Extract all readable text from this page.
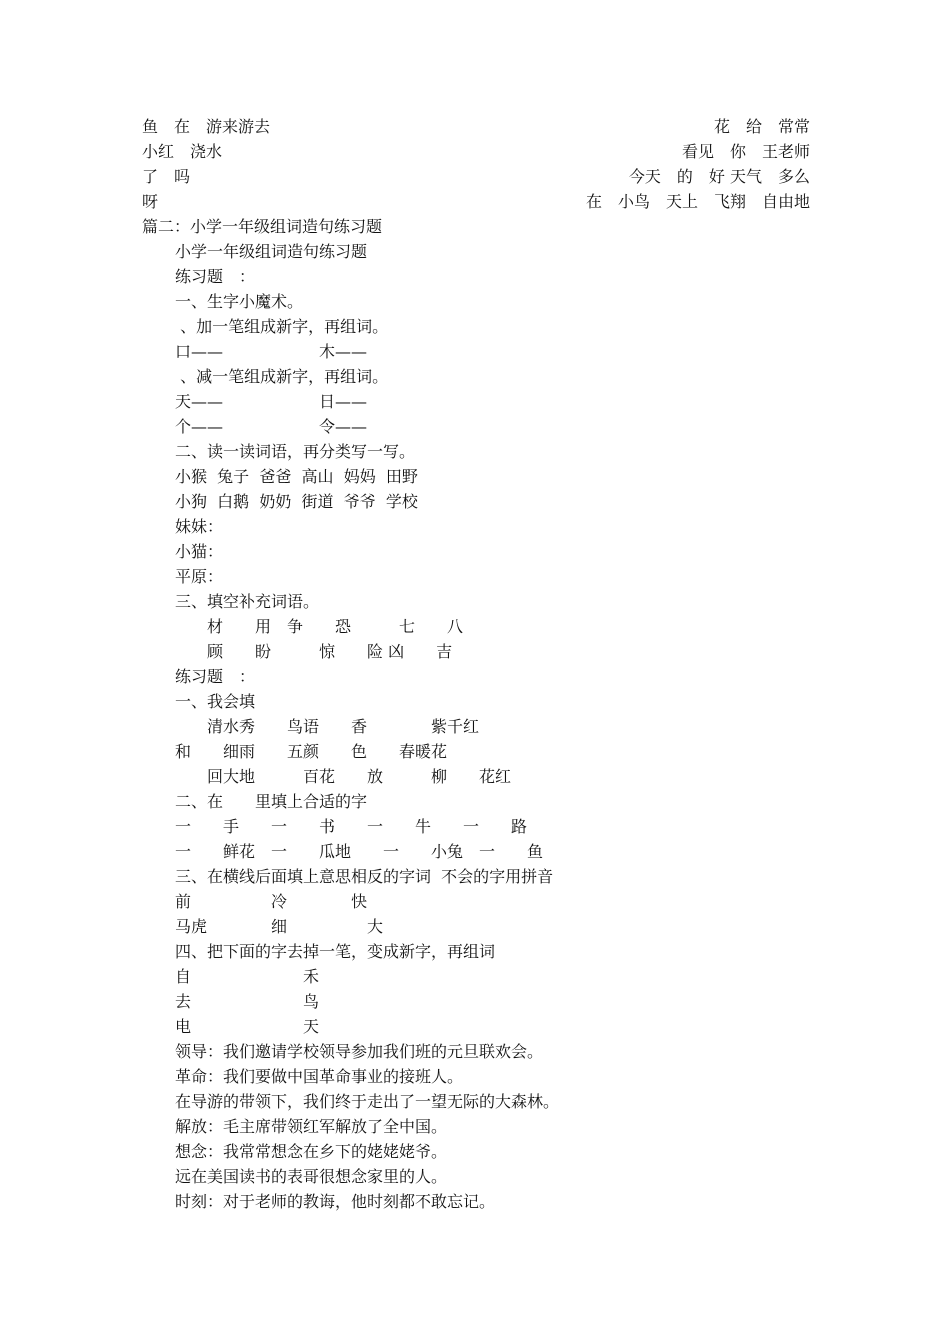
鱼　在　游来游去	花　给　常常
小红　浇水	看见　你　王老师
了　吗	今天　的　好 天气　多么
呀	在　小鸟　天上　飞翔　自由地
篇二：小学一年级组词造句练习题
小学一年级组词造句练习题
练习题　：
一、生字小魔术。
、加一笔组成新字，再组词。
口——　　　　　　木——
、减一笔组成新字，再组词。
天——　　　　　　日——
个——　　　　　　令——
二、读一读词语，再分类写一写。
小猴  兔子  爸爸  高山  妈妈  田野
小狗  白鹅  奶奶  街道  爷爷  学校
妹妹：
小猫：
平原：
三、填空补充词语。
　　材　　用　争　　恐　　　七　　八
　　顾　　盼　　　惊　　险 凶　　吉
练习题　：
一、我会填
　　清水秀　　鸟语　　香　　　　紫千红
和　　细雨　　五颜　　色　　春暖花
　　回大地　　　百花　　放　　　柳　　花红
二、在　　里填上合适的字
一　　手　　一　　书　　一　　牛　　一　　路
一　　鲜花　一　　瓜地　　一　　小兔　一　　鱼
三、在横线后面填上意思相反的字词  不会的字用拼音
前　　　　　冷　　　　快
马虎　　　　细　　　　　大
四、把下面的字去掉一笔，变成新字，再组词
自　　　　　　　禾
去　　　　　　　鸟
电　　　　　　　天
领导：我们邀请学校领导参加我们班的元旦联欢会。
革命：我们要做中国革命事业的接班人。
在导游的带领下，我们终于走出了一望无际的大森林。
解放：毛主席带领红军解放了全中国。
想念：我常常想念在乡下的姥姥姥爷。
远在美国读书的表哥很想念家里的人。
时刻：对于老师的教诲，他时刻都不敢忘记。
